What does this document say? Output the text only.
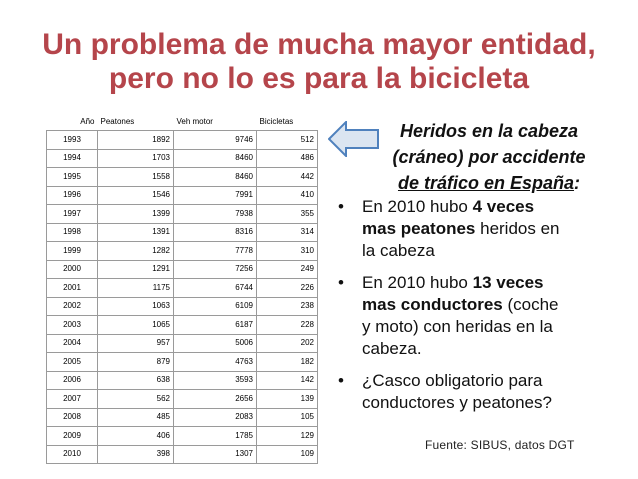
Un problema de mucha mayor entidad,
pero no lo es para la bicicleta
Año	Peatones	Veh motor	Bicicletas
1993	1892	9746	512
1994	1703	8460	486
1995	1558	8460	442
1996	1546	7991	410
1997	1399	7938	355
1998	1391	8316	314
1999	1282	7778	310
2000	1291	7256	249
2001	1175	6744	226
2002	1063	6109	238
2003	1065	6187	228
2004	957	5006	202
2005	879	4763	182
2006	638	3593	142
2007	562	2656	139
2008	485	2083	105
2009	406	1785	129
2010	398	1307	109
Heridos en la cabeza
(cráneo) por accidente
de tráfico en España:
• En 2010 hubo 4 veces
mas peatones heridos en
la cabeza
• En 2010 hubo 13 veces
mas conductores (coche
y moto) con heridas en la
cabeza.
• ¿Casco obligatorio para
conductores y peatones?
Fuente: SIBUS, datos DGT
